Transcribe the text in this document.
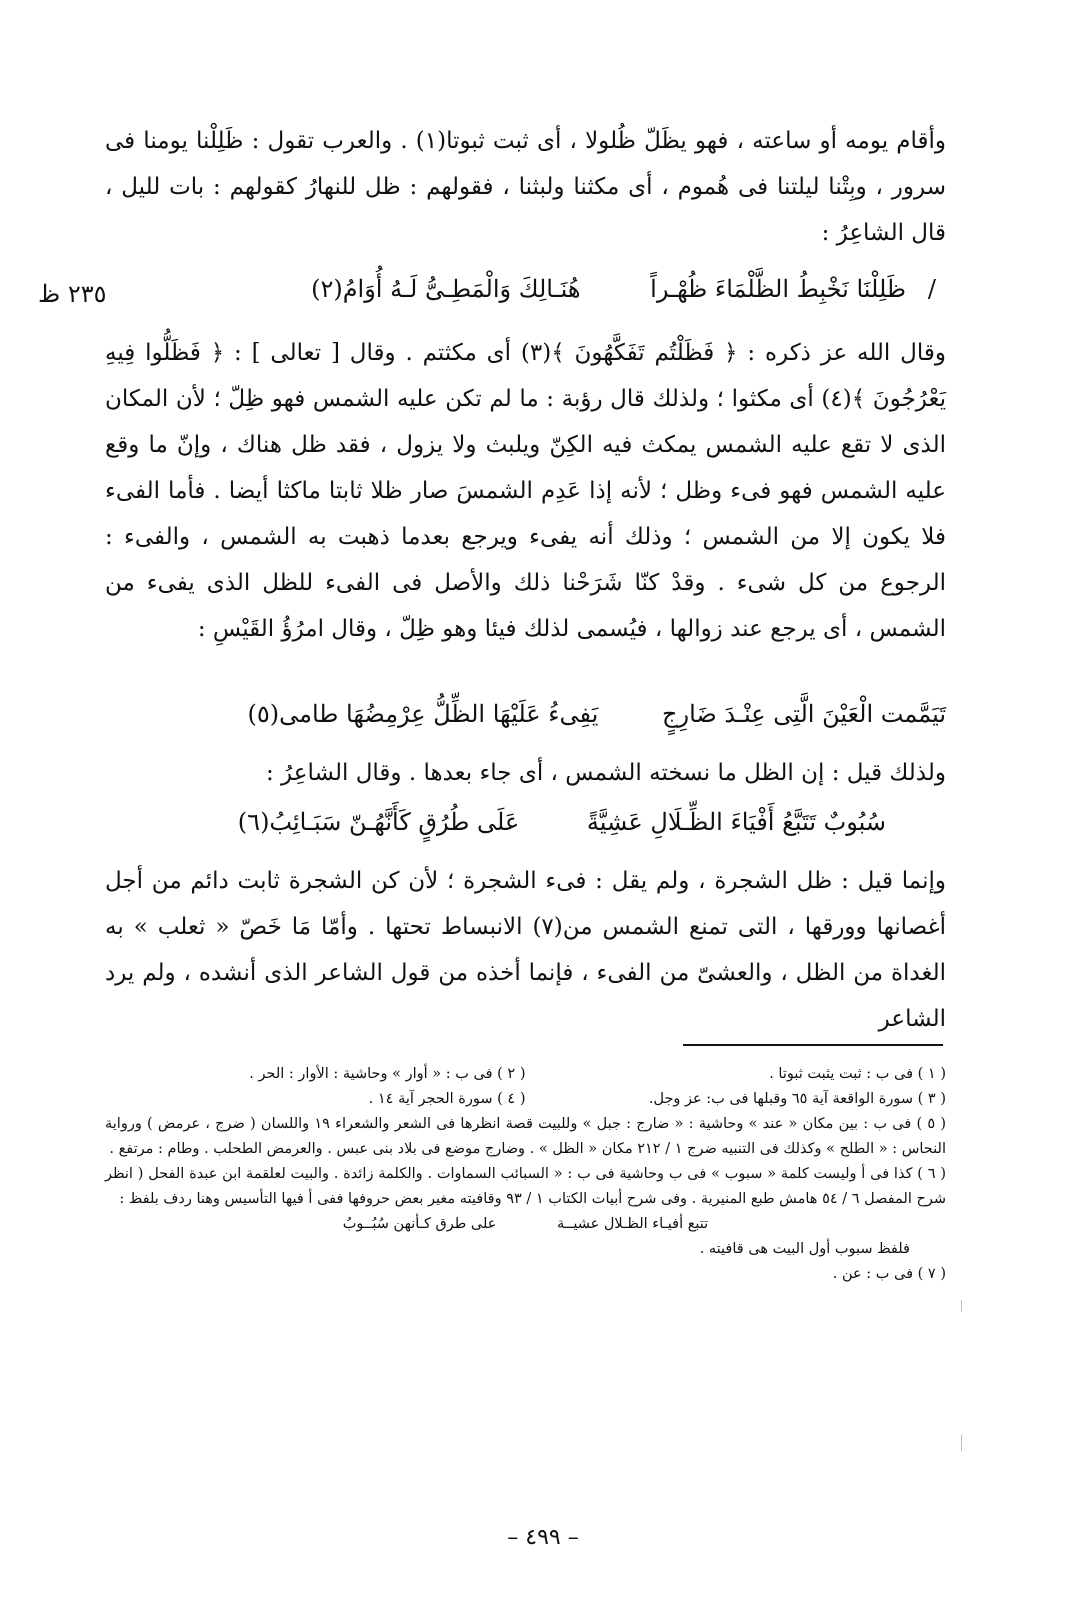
وأقام يومه أو ساعته ، فهو يظَلّ ظُلولا ، أى ثبت ثبوتا(١) . والعرب تقول : ظَلِلْنا يومنا فى سرور ، وبِتْنا ليلتنا فى هُموم ، أى مكثنا ولبثنا ، فقولهم : ظل للنهارُ كقولهم : بات لليل ، قال الشاعِرُ :

/
ظَلِلْنَا نَخْبِطُ الظَّلْمَاءَ ظُهْـراً هُنَـالِكَ وَالْمَطِـىُّ لَـهُ أُوَامُ(٢)
٢٣٥ ظ

وقال الله عز ذكره : ﴿ فَظَلْتُم تَفَكَّهُونَ ﴾(٣) أى مكثتم . وقال [ تعالى ] : ﴿ فَظَلُّوا فِيهِ يَعْرُجُونَ ﴾(٤) أى مكثوا ؛ ولذلك قال رؤبة : ما لم تكن عليه الشمس فهو ظِلّ ؛ لأن المكان الذى لا تقع عليه الشمس يمكث فيه الكِنّ ويلبث ولا يزول ، فقد ظل هناك ، وإنّ ما وقع عليه الشمس فهو فىء وظل ؛ لأنه إذا عَدِم الشمسَ صار ظلا ثابتا ماكثا أيضا . فأما الفىء فلا يكون إلا من الشمس ؛ وذلك أنه يفىء ويرجع بعدما ذهبت به الشمس ، والفىء : الرجوع من كل شىء . وقدْ كنّا شَرَحْنا ذلك والأصل فى الفىء للظل الذى يفىء من الشمس ، أى يرجع عند زوالها ، فيُسمى لذلك فيئا وهو ظِلّ ، وقال امرُؤُ القَيْسِ :

تَيَمَّمت الْعَيْنَ الَّتِى عِنْـدَ ضَارِجٍ يَفِىءُ عَلَيْهَا الظِّلُّ عِرْمِضُهَا طامى(٥)

ولذلك قيل : إن الظل ما نسخته الشمس ، أى جاء بعدها . وقال الشاعِرُ :

سُبُوبٌ تَتَبَّعُ أَفْيَاءَ الظِّـلَالِ عَشِيَّةً عَلَى طُرُقٍ كَأَنَّهُـنّ سَبَـائِبُ(٦)

وإنما قيل : ظل الشجرة ، ولم يقل : فىء الشجرة ؛ لأن كن الشجرة ثابت دائم من أجل أغصانها وورقها ، التى تمنع الشمس من(٧) الانبساط تحتها . وأمّا مَا خَصّ « ثعلب » به الغداة من الظل ، والعشىّ من الفىء ، فإنما أخذه من قول الشاعر الذى أنشده ، ولم يرد الشاعر

( ١ ) فى ب : ثبت يثبت ثبوتا .
( ٢ ) فى ب : « أوار » وحاشية : الأوار : الحر .
( ٣ ) سورة الواقعة آية ٦٥ وقبلها فى ب: عز وجل.
( ٤ ) سورة الحجر آية ١٤ .
( ٥ ) فى ب : بين مكان « عند » وحاشية : « ضارج : جبل » وللبيت قصة انظرها فى الشعر والشعراء ١٩ واللسان ( ضرج ، عرمض ) ورواية النحاس : « الطلح » وكذلك فى التنبيه ضرج ١ / ٢١٢ مكان « الظل » . وضارج موضع فى بلاد بنى عبس . والعرمض الطحلب . وطام : مرتفع .
( ٦ ) كذا فى أ وليست كلمة « سبوب » فى ب وحاشية فى ب : « السبائب السماوات . والكلمة زائدة . والبيت لعلقمة ابن عبدة الفحل ( انظر شرح المفصل ٦ / ٥٤ هامش طبع المنيرية . وفى شرح أبيات الكتاب ١ / ٩٣ وقافيته مغير بعض حروفها ففى أ فيها التأسيس وهنا ردف بلفظ :
تتبع أفيـاء الظـلال عشيــة على طرق كـأنهن سُبُــوبُ
فلفظ سبوب أول البيت هى قافيته .
( ٧ ) فى ب : عن .
– ٤٩٩ –
